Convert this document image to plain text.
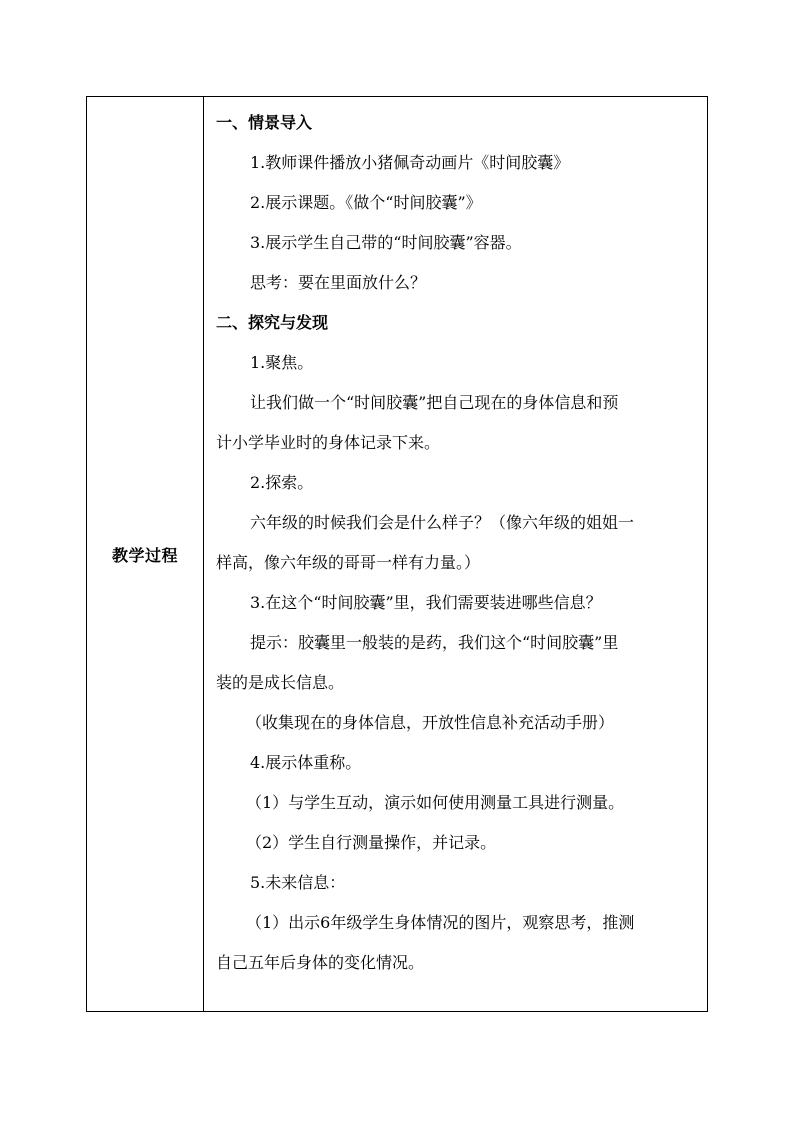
教学过程
一、情景导入
1.教师课件播放小猪佩奇动画片《时间胶囊》
2.展示课题。《做个“时间胶囊”》
3.展示学生自己带的“时间胶囊”容器。
思考：要在里面放什么？
二、探究与发现
1.聚焦。
让我们做一个“时间胶囊”把自己现在的身体信息和预
计小学毕业时的身体记录下来。
2.探索。
六年级的时候我们会是什么样子？（像六年级的姐姐一
样高，像六年级的哥哥一样有力量。）
3.在这个“时间胶囊”里，我们需要装进哪些信息？
提示：胶囊里一般装的是药，我们这个“时间胶囊”里
装的是成长信息。
（收集现在的身体信息，开放性信息补充活动手册）
4.展示体重称。
（1）与学生互动，演示如何使用测量工具进行测量。
（2）学生自行测量操作，并记录。
5.未来信息：
（1）出示6年级学生身体情况的图片，观察思考，推测
自己五年后身体的变化情况。
